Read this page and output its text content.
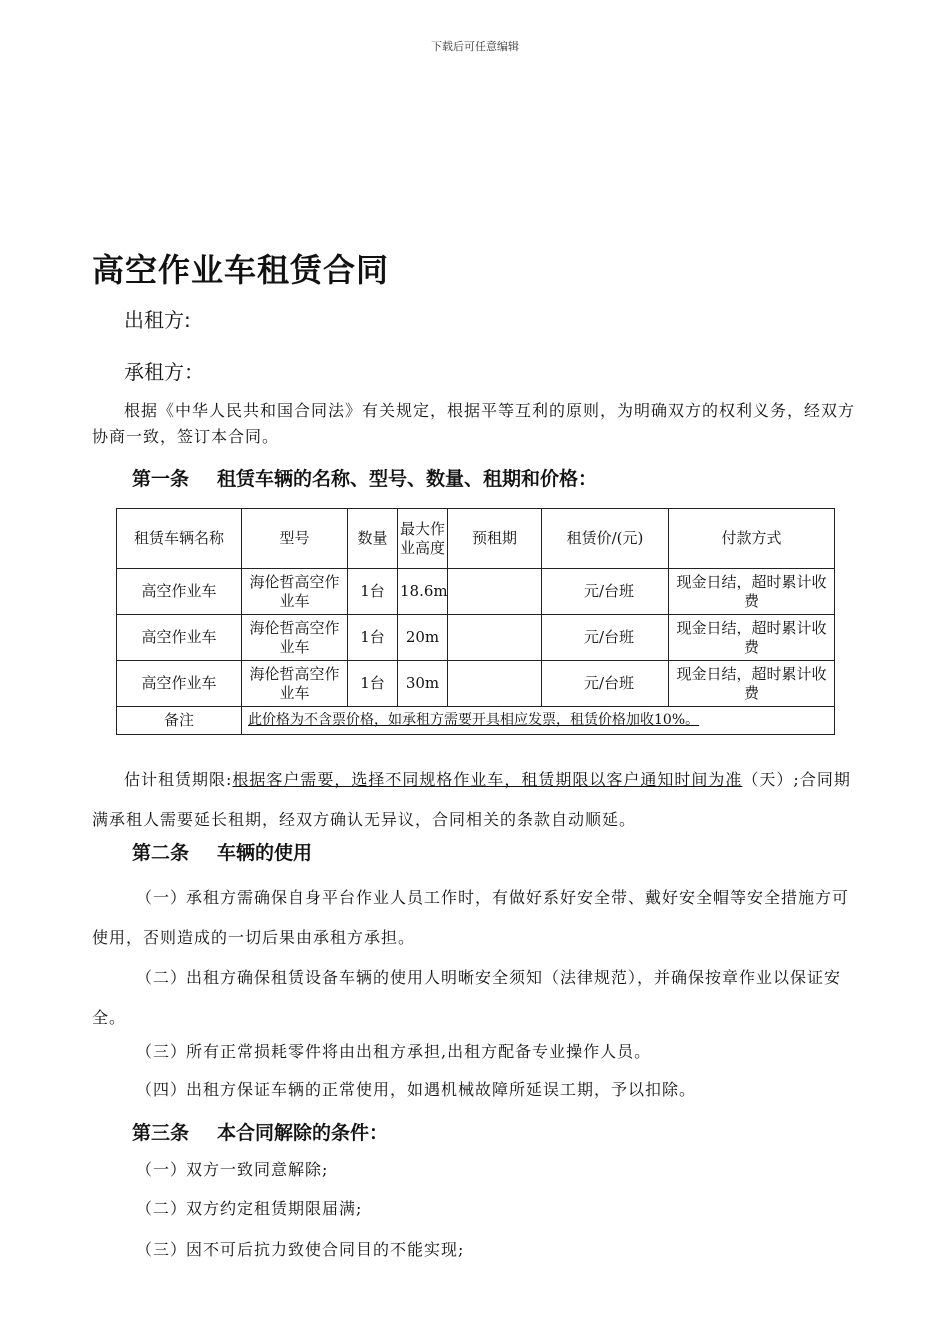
下载后可任意编辑
高空作业车租赁合同
出租方:
承租方：
根据《中华人民共和国合同法》有关规定，根据平等互利的原则，为明确双方的权利义务，经双方协商一致，签订本合同。
第一条 租赁车辆的名称、型号、数量、租期和价格：
租赁车辆名称	型号	数量	最大作业高度	预租期	租赁价/(元)	付款方式
高空作业车	海伦哲高空作业车	1台	18.6m		元/台班	现金日结，超时累计收费
高空作业车	海伦哲高空作业车	1台	20m		元/台班	现金日结，超时累计收费
高空作业车	海伦哲高空作业车	1台	30m		元/台班	现金日结，超时累计收费
备注	此价格为不含票价格，如承租方需要开具相应发票，租赁价格加收10%。					
估计租赁期限:根据客户需要，选择不同规格作业车，租赁期限以客户通知时间为准（天）;合同期满承租人需要延长租期，经双方确认无异议，合同相关的条款自动顺延。
第二条 车辆的使用
（一）承租方需确保自身平台作业人员工作时，有做好系好安全带、戴好安全帽等安全措施方可使用，否则造成的一切后果由承租方承担。
（二）出租方确保租赁设备车辆的使用人明晰安全须知（法律规范），并确保按章作业以保证安全。
（三）所有正常损耗零件将由出租方承担,出租方配备专业操作人员。
（四）出租方保证车辆的正常使用，如遇机械故障所延误工期，予以扣除。
第三条 本合同解除的条件：
（一）双方一致同意解除;
（二）双方约定租赁期限届满;
（三）因不可后抗力致使合同目的不能实现;
